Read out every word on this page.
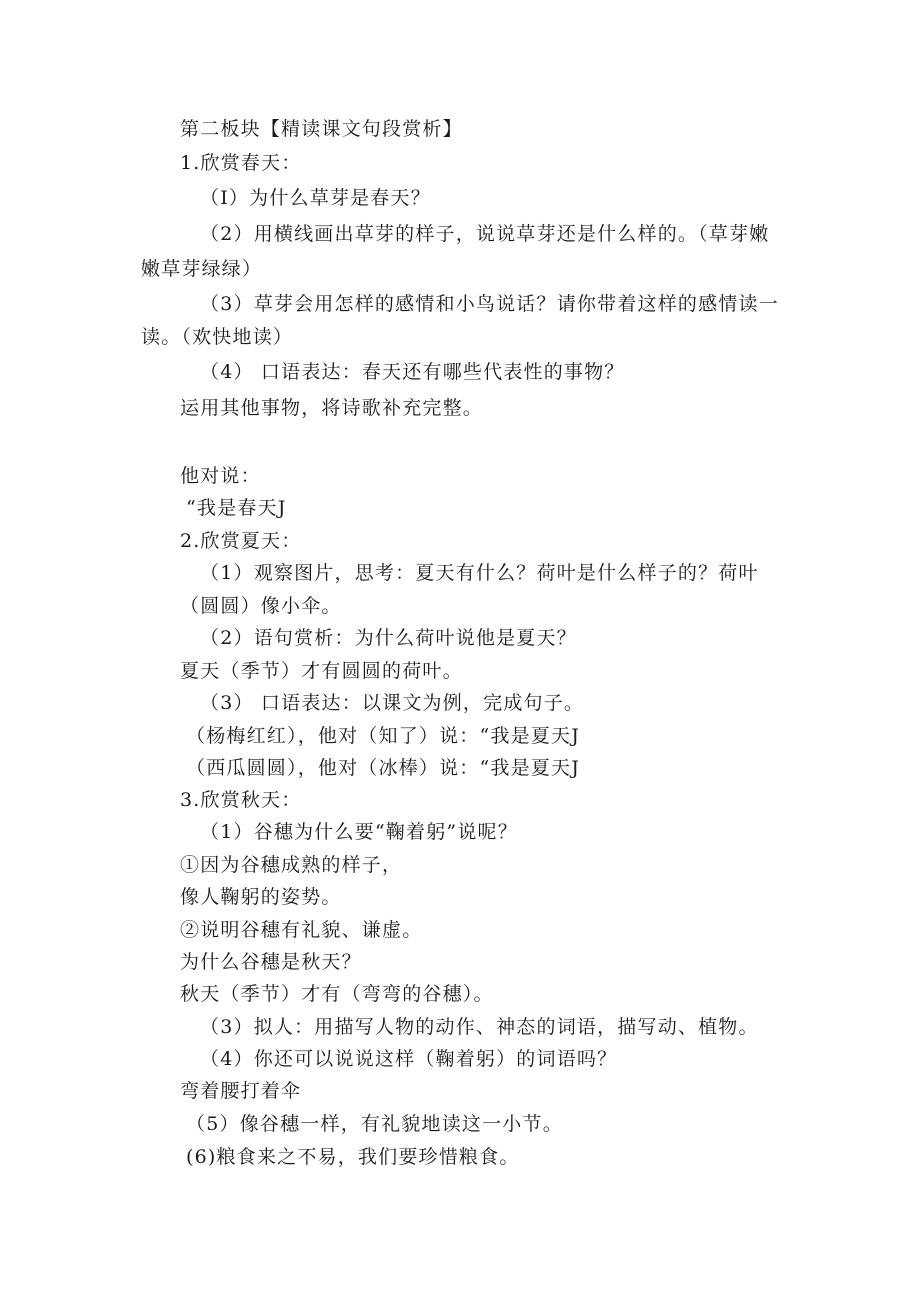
第二板块【精读课文句段赏析】
1.欣赏春天：
（I）为什么草芽是春天？
（2）用横线画出草芽的样子，说说草芽还是什么样的。（草芽嫩
嫩草芽绿绿）
（3）草芽会用怎样的感情和小鸟说话？请你带着这样的感情读一
读。（欢快地读）
（4） 口语表达：春天还有哪些代表性的事物？
运用其他事物，将诗歌补充完整。
他对说：
“我是春天J
2.欣赏夏天：
（1）观察图片，思考：夏天有什么？荷叶是什么样子的？荷叶
（圆圆）像小伞。
（2）语句赏析：为什么荷叶说他是夏天？
夏天（季节）才有圆圆的荷叶。
（3） 口语表达：以课文为例，完成句子。
（杨梅红红），他对（知了）说：“我是夏天J
（西瓜圆圆），他对（冰棒）说：“我是夏天J
3.欣赏秋天：
（1）谷穗为什么要“鞠着躬”说呢？
①因为谷穗成熟的样子，
像人鞠躬的姿势。
②说明谷穗有礼貌、谦虚。
为什么谷穗是秋天？
秋天（季节）才有（弯弯的谷穗）。
（3）拟人：用描写人物的动作、神态的词语，描写动、植物。
（4）你还可以说说这样（鞠着躬）的词语吗？
弯着腰打着伞
（5）像谷穗一样，有礼貌地读这一小节。
(6)粮食来之不易，我们要珍惜粮食。
